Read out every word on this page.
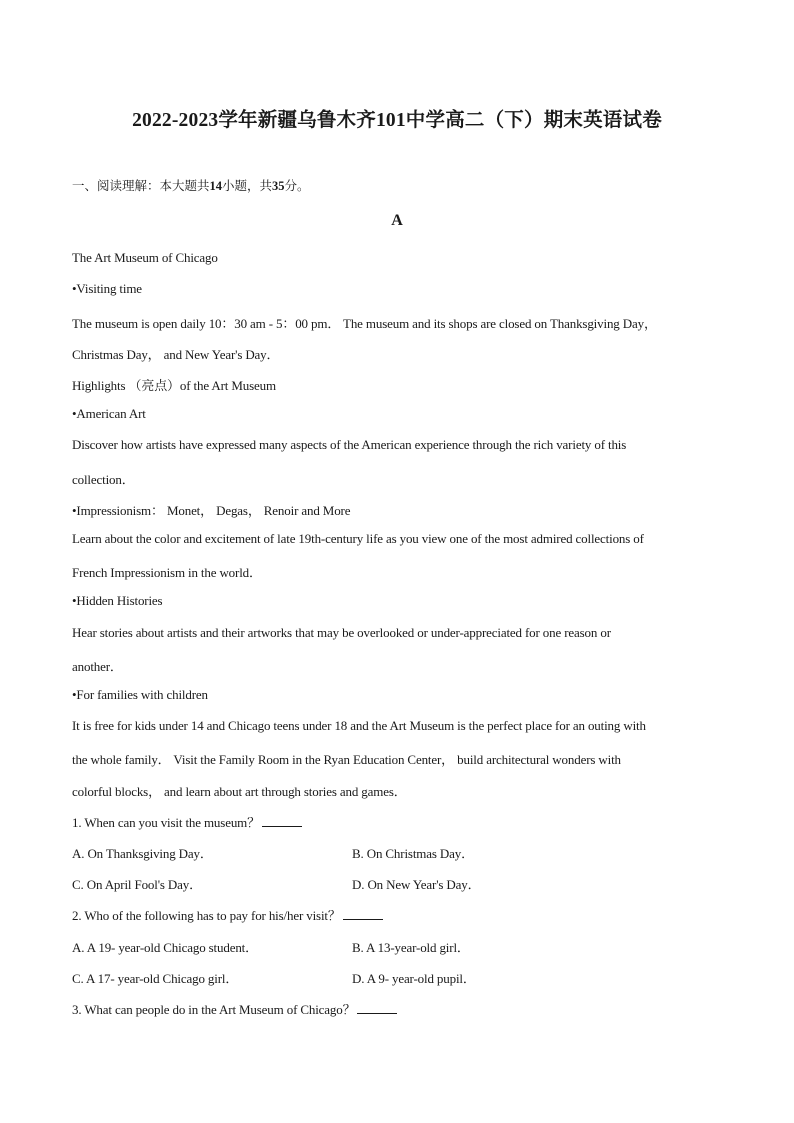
2022-2023学年新疆乌鲁木齐101中学高二（下）期末英语试卷
一、阅读理解：本大题共14小题，共35分。
A
The Art Museum of Chicago
•Visiting time
The museum is open daily 10：30 am - 5：00 pm． The museum and its shops are closed on Thanksgiving Day，
Christmas Day， and New Year's Day．
Highlights （亮点）of the Art Museum
•American Art
Discover how artists have expressed many aspects of the American experience through the rich variety of this
collection．
•Impressionism： Monet， Degas， Renoir and More
Learn about the color and excitement of late 19th-century life as you view one of the most admired collections of
French Impressionism in the world．
•Hidden Histories
Hear stories about artists and their artworks that may be overlooked or under-appreciated for one reason or
another．
•For families with children
It is free for kids under 14 and Chicago teens under 18 and the Art Museum is the perfect place for an outing with
the whole family． Visit the Family Room in the Ryan Education Center， build architectural wonders with
colorful blocks， and learn about art through stories and games．
1. When can you visit the museum？
A. On Thanksgiving Day．	B. On Christmas Day．
C. On April Fool's Day．	D. On New Year's Day．
2. Who of the following has to pay for his/her visit？
A. A 19- year-old Chicago student．	B. A 13-year-old girl．
C. A 17- year-old Chicago girl．	D. A 9- year-old pupil．
3. What can people do in the Art Museum of Chicago？
